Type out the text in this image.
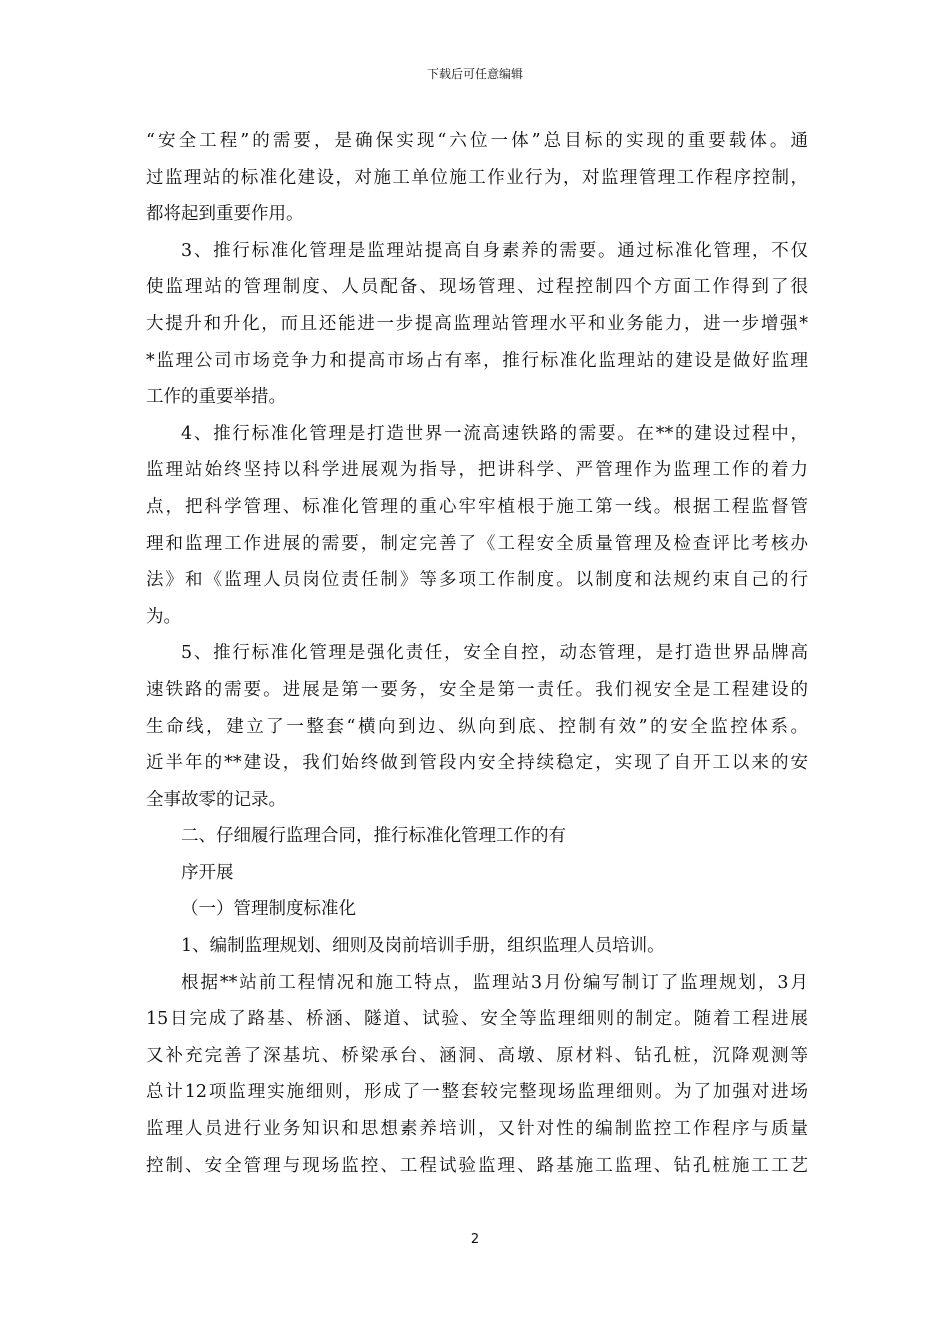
下载后可任意编辑
“安全工程”的需要，是确保实现“六位一体”总目标的实现的重要载体。通
过监理站的标准化建设，对施工单位施工作业行为，对监理管理工作程序控制，
都将起到重要作用。
3、推行标准化管理是监理站提高自身素养的需要。通过标准化管理，不仅
使监理站的管理制度、人员配备、现场管理、过程控制四个方面工作得到了很
大提升和升化，而且还能进一步提高监理站管理水平和业务能力，进一步增强*
*监理公司市场竞争力和提高市场占有率，推行标准化监理站的建设是做好监理
工作的重要举措。
4、推行标准化管理是打造世界一流高速铁路的需要。在**的建设过程中，
监理站始终坚持以科学进展观为指导，把讲科学、严管理作为监理工作的着力
点，把科学管理、标准化管理的重心牢牢植根于施工第一线。根据工程监督管
理和监理工作进展的需要，制定完善了《工程安全质量管理及检查评比考核办
法》和《监理人员岗位责任制》等多项工作制度。以制度和法规约束自己的行
为。
5、推行标准化管理是强化责任，安全自控，动态管理，是打造世界品牌高
速铁路的需要。进展是第一要务，安全是第一责任。我们视安全是工程建设的
生命线，建立了一整套“横向到边、纵向到底、控制有效”的安全监控体系。
近半年的**建设，我们始终做到管段内安全持续稳定，实现了自开工以来的安
全事故零的记录。
二、仔细履行监理合同，推行标准化管理工作的有
序开展
（一）管理制度标准化
1、编制监理规划、细则及岗前培训手册，组织监理人员培训。
根据**站前工程情况和施工特点，监理站3月份编写制订了监理规划，3月
15日完成了路基、桥涵、隧道、试验、安全等监理细则的制定。随着工程进展
又补充完善了深基坑、桥梁承台、涵洞、高墩、原材料、钻孔桩，沉降观测等
总计12项监理实施细则，形成了一整套较完整现场监理细则。为了加强对进场
监理人员进行业务知识和思想素养培训，又针对性的编制监控工作程序与质量
控制、安全管理与现场监控、工程试验监理、路基施工监理、钻孔桩施工工艺
2
